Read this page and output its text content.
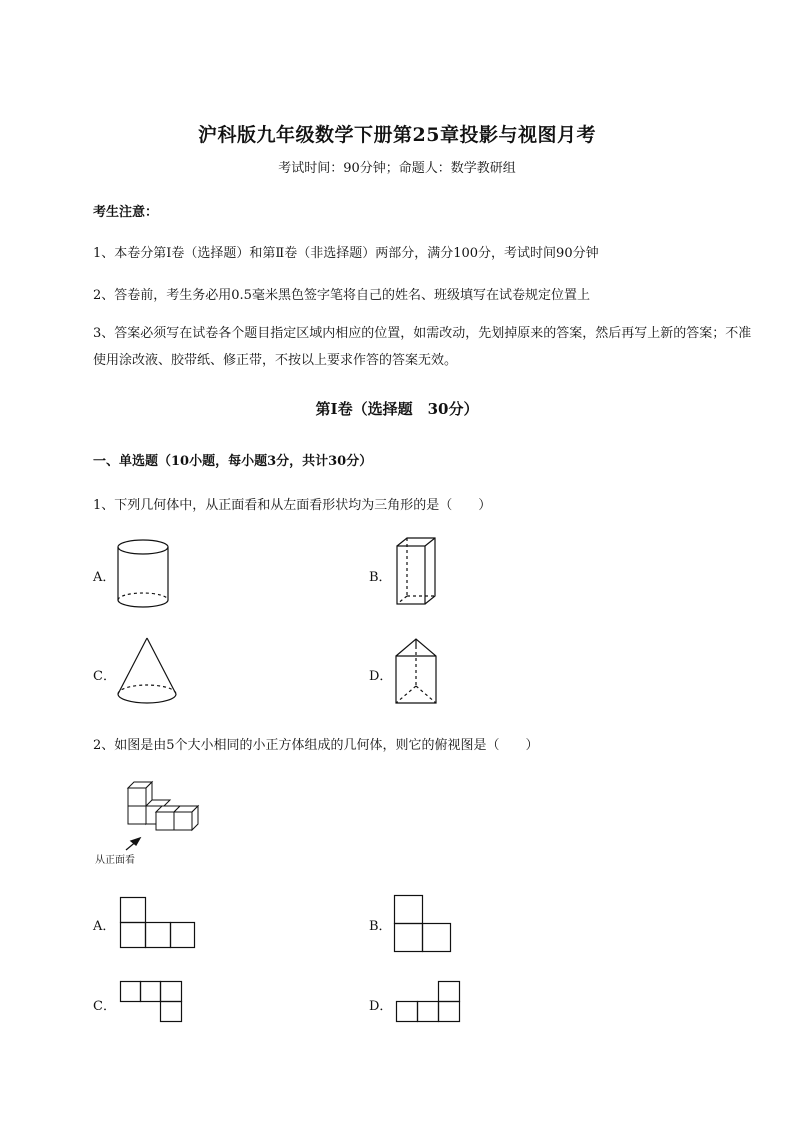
沪科版九年级数学下册第25章投影与视图月考
考试时间：90分钟；命题人：数学教研组
考生注意：
1、本卷分第I卷（选择题）和第Ⅱ卷（非选择题）两部分，满分100分，考试时间90分钟
2、答卷前，考生务必用0.5毫米黑色签字笔将自己的姓名、班级填写在试卷规定位置上
3、答案必须写在试卷各个题目指定区域内相应的位置，如需改动，先划掉原来的答案，然后再写上新的答案；不准使用涂改液、胶带纸、修正带，不按以上要求作答的答案无效。
第I卷（选择题　30分）
一、单选题（10小题，每小题3分，共计30分）
1、下列几何体中，从正面看和从左面看形状均为三角形的是（　　）
A．	B．
C．	D．
2、如图是由5个大小相同的小正方体组成的几何体，则它的俯视图是（　　）
从正面看
A．	B．
C．	D．
